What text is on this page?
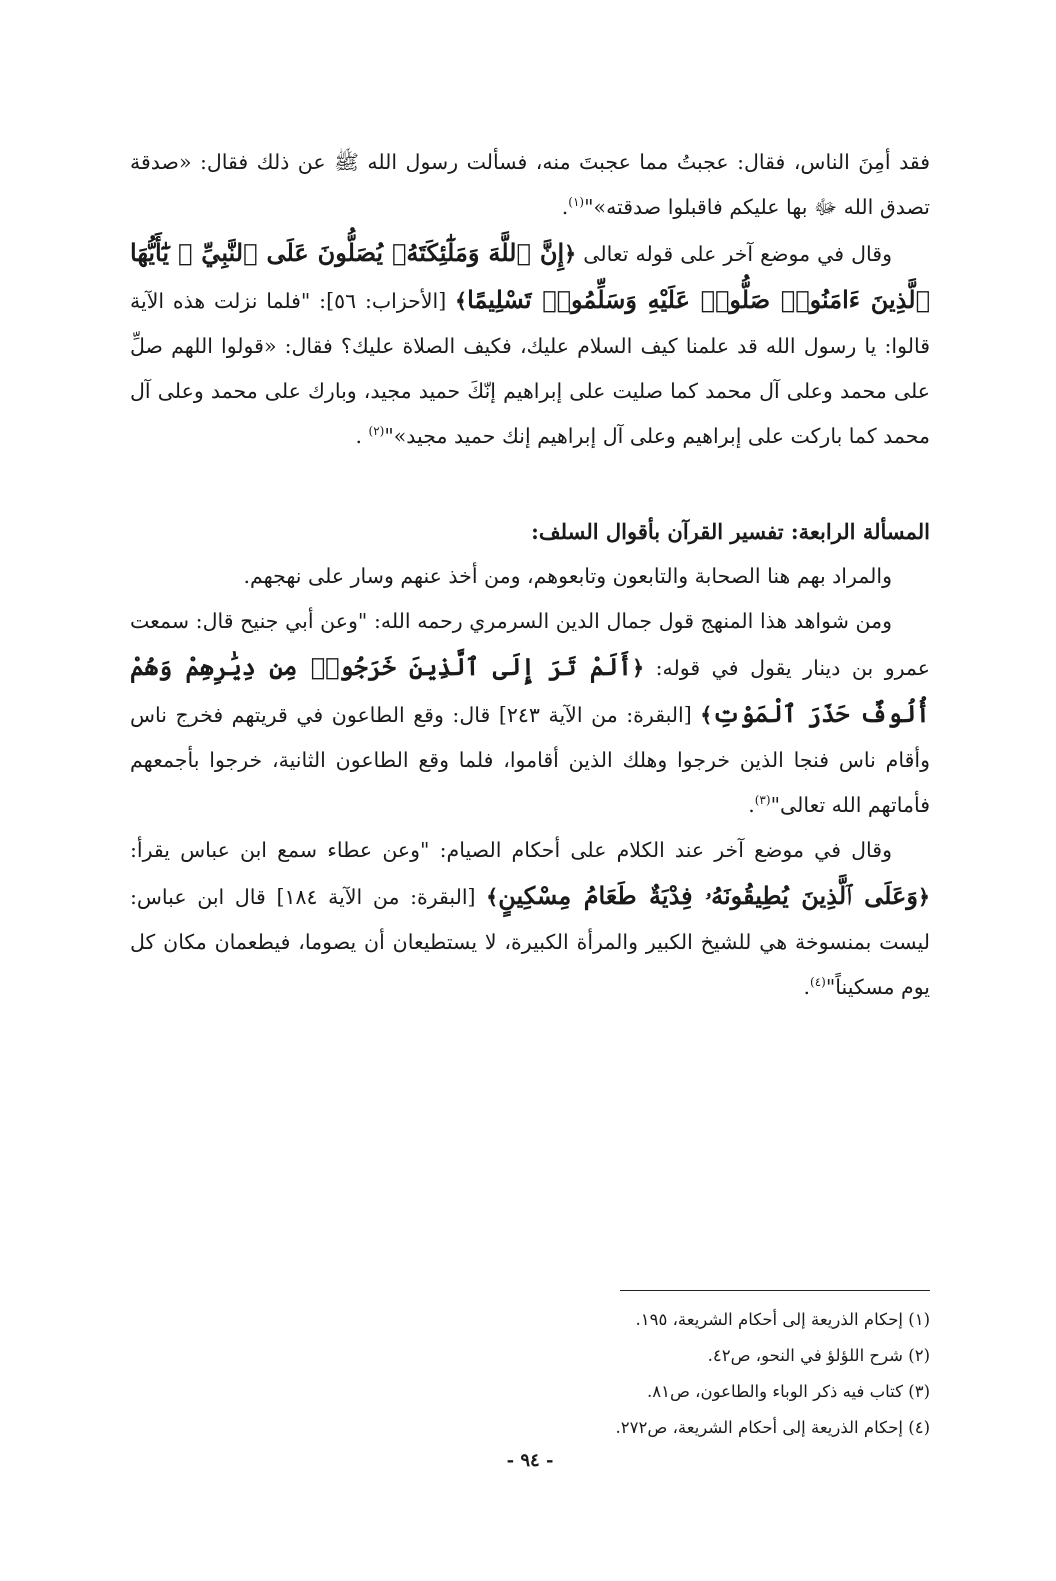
فقد أمِنَ الناس، فقال: عجبتُ مما عجبتَ منه، فسألت رسول الله ﷺ عن ذلك فقال: «صدقة تصدق الله ﷻ بها عليكم فاقبلوا صدقته»"$^{(١)}$.

وقال في موضع آخر على قوله تعالى ﴿إِنَّ ٱللَّهَ وَمَلَٰٓئِكَتَهُۥ يُصَلُّونَ عَلَى ٱلنَّبِيِّ ۚ يَٰٓأَيُّهَا ٱلَّذِينَ ءَامَنُوا۟ صَلُّوا۟ عَلَيْهِ وَسَلِّمُوا۟ تَسْلِيمًا﴾ [الأحزاب: ٥٦]: "فلما نزلت هذه الآية قالوا: يا رسول الله قد علمنا كيف السلام عليك، فكيف الصلاة عليك؟ فقال: «قولوا اللهم صلِّ على محمد وعلى آل محمد كما صليت على إبراهيم إنّكَ حميد مجيد، وبارك على محمد وعلى آل محمد كما باركت على إبراهيم وعلى آل إبراهيم إنك حميد مجيد»"$^{(٢)}$ .

المسألة الرابعة: تفسير القرآن بأقوال السلف:

والمراد بهم هنا الصحابة والتابعون وتابعوهم، ومن أخذ عنهم وسار على نهجهم.

ومن شواهد هذا المنهج قول جمال الدين السرمري رحمه الله: "وعن أبي جنيح قال: سمعت عمرو بن دينار يقول في قوله: ﴿أَلَمْ تَرَ إِلَى ٱلَّذِينَ خَرَجُوا۟ مِن دِيَٰرِهِمْ وَهُمْ أُلُوفٌ حَذَرَ ٱلْمَوْتِ﴾ [البقرة: من الآية ٢٤٣] قال: وقع الطاعون في قريتهم فخرج ناس وأقام ناس فنجا الذين خرجوا وهلك الذين أقاموا، فلما وقع الطاعون الثانية، خرجوا بأجمعهم فأماتهم الله تعالى"$^{(٣)}$.

وقال في موضع آخر عند الكلام على أحكام الصيام: "وعن عطاء سمع ابن عباس يقرأ: ﴿وَعَلَى ٱلَّذِينَ يُطِيقُونَهُۥ فِدْيَةٌ طَعَامُ مِسْكِينٍ﴾ [البقرة: من الآية ١٨٤] قال ابن عباس: ليست بمنسوخة هي للشيخ الكبير والمرأة الكبيرة، لا يستطيعان أن يصوما، فيطعمان مكان كل يوم مسكيناً"$^{(٤)}$.

(١) إحكام الذريعة إلى أحكام الشريعة، ١٩٥.
(٢) شرح اللؤلؤ في النحو، ص٤٢.
(٣) كتاب فيه ذكر الوباء والطاعون، ص٨١.
(٤) إحكام الذريعة إلى أحكام الشريعة، ص٢٧٢.
- ٩٤ -
